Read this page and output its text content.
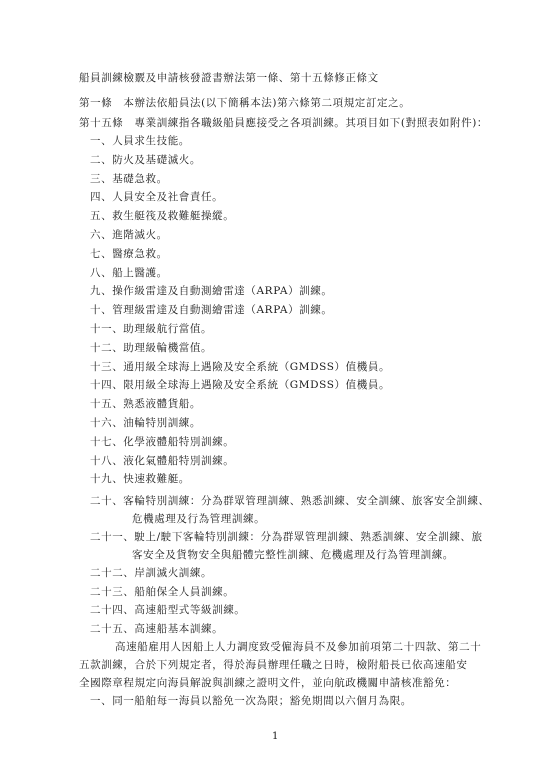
船員訓練檢覈及申請核發證書辦法第一條、第十五條修正條文
第一條　本辦法依船員法(以下簡稱本法)第六條第二項規定訂定之。
第十五條　專業訓練指各職級船員應接受之各項訓練。其項目如下(對照表如附件)：
一、人員求生技能。
二、防火及基礎滅火。
三、基礎急救。
四、人員安全及社會責任。
五、救生艇筏及救難艇操縱。
六、進階滅火。
七、醫療急救。
八、船上醫護。
九、操作級雷達及自動測繪雷達（ARPA）訓練。
十、管理級雷達及自動測繪雷達（ARPA）訓練。
十一、助理級航行當值。
十二、助理級輪機當值。
十三、通用級全球海上遇險及安全系統（GMDSS）值機員。
十四、限用級全球海上遇險及安全系統（GMDSS）值機員。
十五、熟悉液體貨船。
十六、油輪特別訓練。
十七、化學液體船特別訓練。
十八、液化氣體船特別訓練。
十九、快速救難艇。
二十、客輪特別訓練：分為群眾管理訓練、熟悉訓練、安全訓練、旅客安全訓練、
危機處理及行為管理訓練。
二十一、駛上/駛下客輪特別訓練：分為群眾管理訓練、熟悉訓練、安全訓練、旅
客安全及貨物安全與船體完整性訓練、危機處理及行為管理訓練。
二十二、岸訓滅火訓練。
二十三、船舶保全人員訓練。
二十四、高速船型式等級訓練。
二十五、高速船基本訓練。
高速船雇用人因船上人力調度致受僱海員不及參加前項第二十四款、第二十
五款訓練，合於下列規定者，得於海員辦理任職之日時，檢附船長已依高速船安
全國際章程規定向海員解說與訓練之證明文件，並向航政機關申請核准豁免：
一、同一船舶每一海員以豁免一次為限；豁免期間以六個月為限。
1
